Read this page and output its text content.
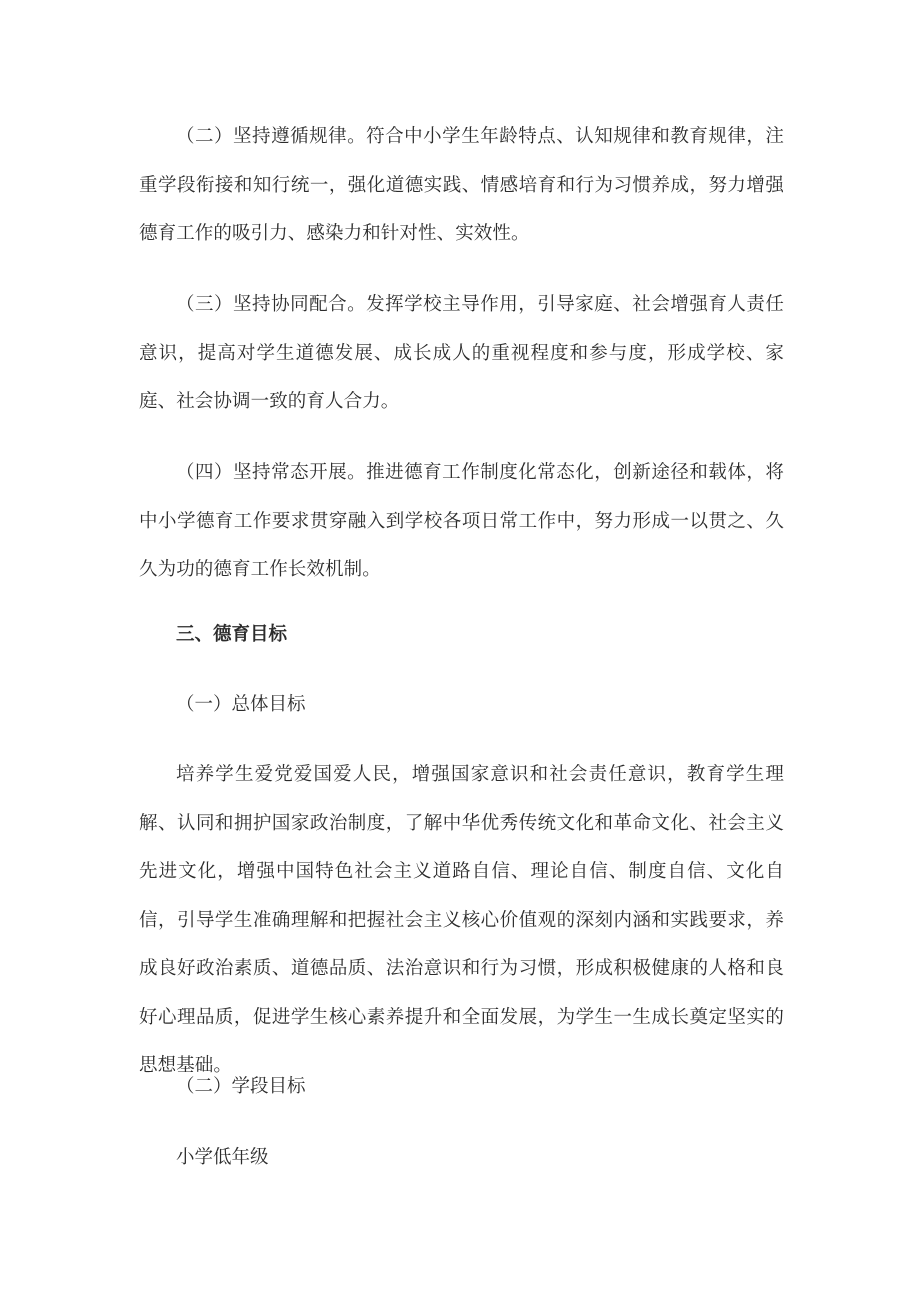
（二）坚持遵循规律。符合中小学生年龄特点、认知规律和教育规律，注重学段衔接和知行统一，强化道德实践、情感培育和行为习惯养成，努力增强德育工作的吸引力、感染力和针对性、实效性。

（三）坚持协同配合。发挥学校主导作用，引导家庭、社会增强育人责任意识，提高对学生道德发展、成长成人的重视程度和参与度，形成学校、家庭、社会协调一致的育人合力。

（四）坚持常态开展。推进德育工作制度化常态化，创新途径和载体，将中小学德育工作要求贯穿融入到学校各项日常工作中，努力形成一以贯之、久久为功的德育工作长效机制。

三、德育目标

（一）总体目标

培养学生爱党爱国爱人民，增强国家意识和社会责任意识，教育学生理解、认同和拥护国家政治制度，了解中华优秀传统文化和革命文化、社会主义先进文化，增强中国特色社会主义道路自信、理论自信、制度自信、文化自信，引导学生准确理解和把握社会主义核心价值观的深刻内涵和实践要求，养成良好政治素质、道德品质、法治意识和行为习惯，形成积极健康的人格和良好心理品质，促进学生核心素养提升和全面发展，为学生一生成长奠定坚实的思想基础。

（二）学段目标

小学低年级
